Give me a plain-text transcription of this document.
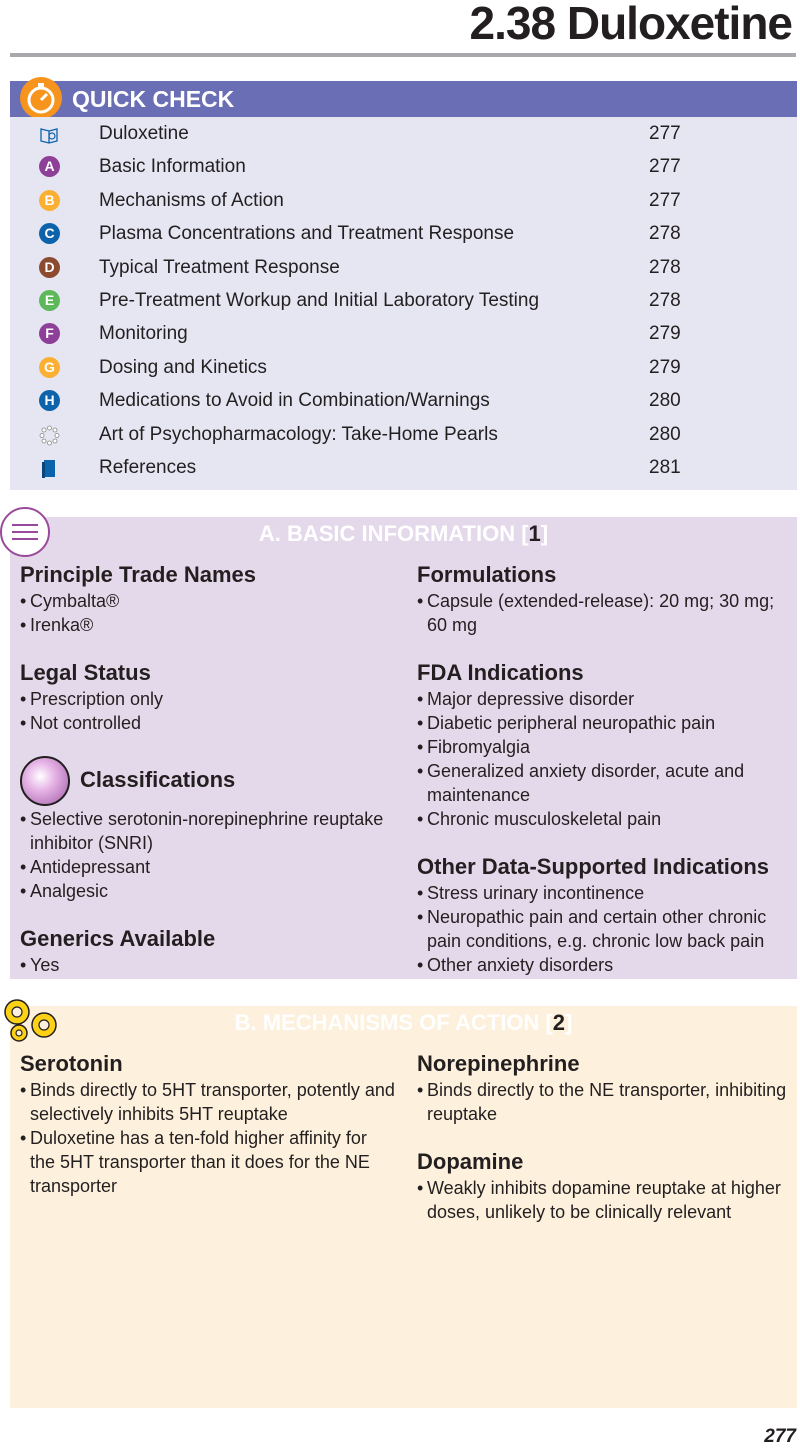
2.38 Duloxetine
QUICK CHECK
Duloxetine	277
A Basic Information	277
B Mechanisms of Action	277
C Plasma Concentrations and Treatment Response	278
D Typical Treatment Response	278
E	Pre-Treatment Workup and Initial Laboratory Testing	278
F	Monitoring	279
G Dosing and Kinetics	279
H Medications to Avoid in Combination/Warnings	280
Art of Psychopharmacology: Take-Home Pearls	280
References	281
A. BASIC INFORMATION [1]
Principle Trade Names
• Cymbalta®
• Irenka®
Legal Status
• Prescription only
• Not controlled
Classifications
• Selective serotonin-norepinephrine reuptake inhibitor (SNRI)
• Antidepressant
• Analgesic
Generics Available
• Yes
Formulations
• Capsule (extended-release): 20 mg; 30 mg; 60 mg
FDA Indications
• Major depressive disorder
• Diabetic peripheral neuropathic pain
• Fibromyalgia
• Generalized anxiety disorder, acute and maintenance
• Chronic musculoskeletal pain
Other Data-Supported Indications
• Stress urinary incontinence
• Neuropathic pain and certain other chronic pain conditions, e.g. chronic low back pain
• Other anxiety disorders
B. MECHANISMS OF ACTION [2]
Serotonin
• Binds directly to 5HT transporter, potently and selectively inhibits 5HT reuptake
• Duloxetine has a ten-fold higher affinity for the 5HT transporter than it does for the NE transporter
Norepinephrine
• Binds directly to the NE transporter, inhibiting reuptake
Dopamine
• Weakly inhibits dopamine reuptake at higher doses, unlikely to be clinically relevant
277
